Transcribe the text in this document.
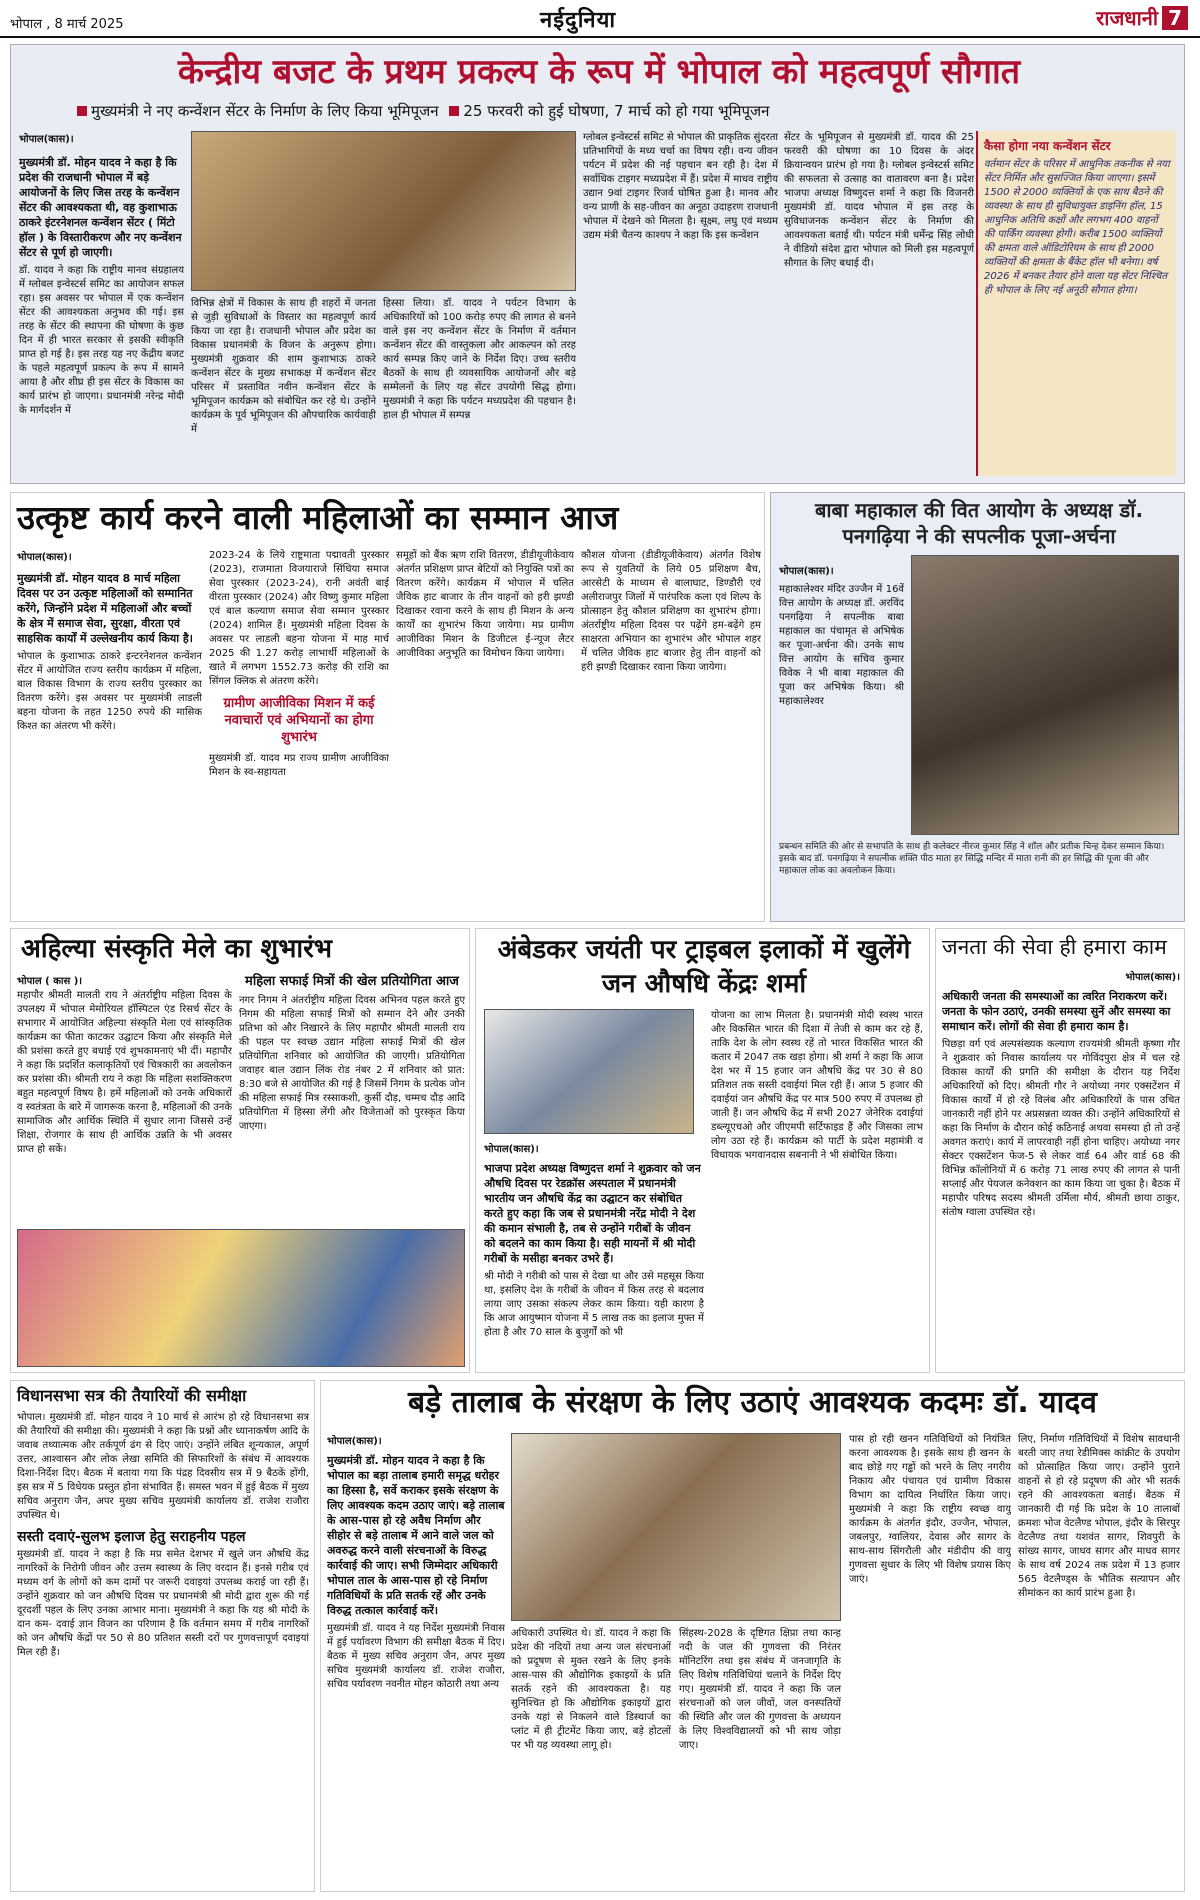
भोपाल , 8 मार्च 2025	नईदुनिया	राजधानी 7
केन्द्रीय बजट के प्रथम प्रकल्प के रूप में भोपाल को महत्वपूर्ण सौगात
मुख्यमंत्री ने नए कन्वेंशन सेंटर के निर्माण के लिए किया भूमिपूजन 25 फरवरी को हुई घोषणा, 7 मार्च को हो गया भूमिपूजन
भोपाल(कास)।
मुख्यमंत्री डॉ. मोहन यादव ने कहा है कि प्रदेश की राजधानी भोपाल में बड़े आयोजनों के लिए जिस तरह के कन्वेंशन सेंटर की आवश्यकता थी, वह कुशाभाऊ ठाकरे इंटरनेशनल कन्वेंशन सेंटर ( मिंटो हॉल ) के विस्तारीकरण और नए कन्वेंशन सेंटर से पूर्ण हो जाएगी।
डॉ. यादव ने कहा कि राष्ट्रीय मानव संग्रहालय में ग्लोबल इन्वेस्टर्स समिट का आयोजन सफल रहा। इस अवसर पर भोपाल में एक कन्वेंशन सेंटर की आवश्यकता अनुभव की गई। इस तरह के सेंटर की स्थापना की घोषणा के कुछ दिन में ही भारत सरकार से इसकी स्वीकृति प्राप्त हो गई है। इस तरह यह नए केंद्रीय बजट के पहले महत्वपूर्ण प्रकल्प के रूप में सामने आया है और शीघ्र ही इस सेंटर के विकास का कार्य प्रारंभ हो जाएगा। प्रधानमंत्री नरेन्द्र मोदी के मार्गदर्शन में
विभिन्न क्षेत्रों में विकास के साथ ही शहरों में जनता से जुड़ी सुविधाओं के विस्तार का महत्वपूर्ण कार्य किया जा रहा है। राजधानी भोपाल और प्रदेश का विकास प्रधानमंत्री के विजन के अनुरूप होगा। मुख्यमंत्री शुक्रवार की शाम कुशाभाऊ ठाकरे कन्वेंशन सेंटर के मुख्य सभाकक्ष में कन्वेंशन सेंटर परिसर में प्रस्तावित नवीन कन्वेंशन सेंटर के भूमिपूजन कार्यक्रम को संबोधित कर रहे थे। उन्होंने कार्यक्रम के पूर्व भूमिपूजन की औपचारिक कार्यवाही में
हिस्सा लिया। डॉ. यादव ने पर्यटन विभाग के अधिकारियों को 100 करोड़ रुपए की लागत से बनने वाले इस नए कन्वेंशन सेंटर के निर्माण में वर्तमान कन्वेंशन सेंटर की वास्तुकला और आकल्पन को तरह कार्य सम्पन्न किए जाने के निर्देश दिए। उच्च स्तरीय बैठकों के साथ ही व्यवसायिक आयोजनों और बड़े सम्मेलनों के लिए यह सेंटर उपयोगी सिद्ध होगा। मुख्यमंत्री ने कहा कि पर्यटन मध्यप्रदेश की पहचान है। हाल ही भोपाल में सम्पन्न
ग्लोबल इन्वेस्टर्स समिट से भोपाल की प्राकृतिक सुंदरता प्रतिभागियों के मध्य चर्चा का विषय रही। वन्य जीवन पर्यटन में प्रदेश की नई पहचान बन रही है। देश में सर्वाधिक टाइगर मध्यप्रदेश में हैं। प्रदेश में माधव राष्ट्रीय उद्यान 9वां टाइगर रिजर्व घोषित हुआ है। मानव और वन्य प्राणी के सह-जीवन का अनूठा उदाहरण राजधानी भोपाल में देखने को मिलता है। सूक्ष्म, लघु एवं मध्यम उद्यम मंत्री चैतन्य काश्यप ने कहा कि इस कन्वेंशन
सेंटर के भूमिपूजन से मुख्यमंत्री डॉ. यादव की 25 फरवरी की घोषणा का 10 दिवस के अंदर क्रियान्वयन प्रारंभ हो गया है। ग्लोबल इन्वेस्टर्स समिट की सफलता से उत्साह का वातावरण बना है। प्रदेश भाजपा अध्यक्ष विष्णुदत्त शर्मा ने कहा कि विजनरी मुख्यमंत्री डॉ. यादव भोपाल में इस तरह के सुविधाजनक कन्वेंशन सेंटर के निर्माण की आवश्यकता बताई थी। पर्यटन मंत्री धर्मेन्द्र सिंह लोधी ने वीडियो संदेश द्वारा भोपाल को मिली इस महत्वपूर्ण सौगात के लिए बधाई दी।
कैसा होगा नया कन्वेंशन सेंटर

वर्तमान सेंटर के परिसर में आधुनिक तकनीक से नया सेंटर निर्मित और सुसज्जित किया जाएगा। इसमें 1500 से 2000 व्यक्तियों के एक साथ बैठने की व्यवस्था के साथ ही सुविधायुक्त डाइनिंग हॉल, 15 आधुनिक अतिथि कक्षों और लगभग 400 वाहनों की पार्किंग व्यवस्था होगी। करीब 1500 व्यक्तियों की क्षमता वाले ऑडिटोरियम के साथ ही 2000 व्यक्तियों की क्षमता के बैंकेट हॉल भी बनेगा। वर्ष 2026 में बनकर तैयार होने वाला यह सेंटर निश्चित ही भोपाल के लिए नई अनूठी सौगात होगा।

उत्कृष्ट कार्य करने वाली महिलाओं का सम्मान आज
भोपाल(कास)।
मुख्यमंत्री डॉ. मोहन यादव 8 मार्च महिला दिवस पर उन उत्कृष्ट महिलाओं को सम्मानित करेंगे, जिन्होंने प्रदेश में महिलाओं और बच्चों के क्षेत्र में समाज सेवा, सुरक्षा, वीरता एवं साहसिक कार्यों में उल्लेखनीय कार्य किया है।
भोपाल के कुशाभाऊ ठाकरे इन्टरनेशनल कन्वेंशन सेंटर में आयोजित राज्य स्तरीय कार्यक्रम में महिला, बाल विकास विभाग के राज्य स्तरीय पुरस्कार का वितरण करेंगे। इस अवसर पर मुख्यमंत्री लाडली बहना योजना के तहत 1250 रुपये की मासिक किश्त का अंतरण भी करेंगे।
2023-24 के लिये राष्ट्रमाता पद्मावती पुरस्कार (2023), राजमाता विजयाराजे सिंधिया समाज सेवा पुरस्कार (2023-24), रानी अवंती बाई वीरता पुरस्कार (2024) और विष्णु कुमार महिला एवं बाल कल्याण समाज सेवा सम्मान पुरस्कार (2024) शामिल हैं। मुख्यमंत्री महिला दिवस के अवसर पर लाडली बहना योजना में माह मार्च 2025 की 1.27 करोड़ लाभार्थी महिलाओं के खाते में लगभग 1552.73 करोड़ की राशि का सिंगल क्लिक से अंतरण करेंगे।
ग्रामीण आजीविका मिशन में कई नवाचारों एवं अभियानों का होगा शुभारंभ
मुख्यमंत्री डॉ. यादव मप्र राज्य ग्रामीण आजीविका मिशन के स्व-सहायता
समूहों को बैंक ऋण राशि वितरण, डीडीयूजीकेवाय अंतर्गत प्रशिक्षण प्राप्त बेटियों को नियुक्ति पत्रों का वितरण करेंगे। कार्यक्रम में भोपाल में चलित जैविक हाट बाजार के तीन वाहनों को हरी झण्डी दिखाकर रवाना करने के साथ ही मिशन के अन्य कार्यों का शुभारंभ किया जायेगा। मप्र ग्रामीण आजीविका मिशन के डिजीटल ई-न्यूज लैटर आजीविका अनुभूति का विमोचन किया जायेगा।
कौशल योजना (डीडीयूजीकेवाय) अंतर्गत विशेष रूप से युवतियों के लिये 05 प्रशिक्षण बैच, आरसेटी के माध्यम से बालाघाट, डिण्डौरी एवं अलीराजपुर जिलों में पारंपरिक कला एवं शिल्प के प्रोत्साहन हेतु कौशल प्रशिक्षण का शुभारंभ होगा। अंतर्राष्ट्रीय महिला दिवस पर पढ़ेंगे हम-बढ़ेंगे हम साक्षरता अभियान का शुभारंभ और भोपाल शहर में चलित जैविक हाट बाजार हेतु तीन वाहनों को हरी झण्डी दिखाकर रवाना किया जायेगा।
बाबा महाकाल की वित आयोग के अध्यक्ष डॉ. पनगढ़िया ने की सपत्नीक पूजा-अर्चना
भोपाल(कास)।
महाकालेश्वर मंदिर उज्जैन में 16वें वित्त आयोग के अध्यक्ष डॉ. अरविंद पनगढ़िया ने सपत्नीक बाबा महाकाल का पंचामृत से अभिषेक कर पूजा-अर्चना की। उनके साथ वित्त आयोग के सचिव कुमार विवेक ने भी बाबा महाकाल की पूजा कर अभिषेक किया। श्री महाकालेश्वर
प्रबन्धन समिति की ओर से सभापति के साथ ही कलेक्टर नीरज कुमार सिंह ने शॉल और प्रतीक चिन्ह देकर सम्मान किया। इसके बाद डॉ. पनगढ़िया ने सपत्नीक शक्ति पीठ माता हर सिद्धि मन्दिर में माता रानी की हर सिद्धि की पूजा की और महाकाल लोक का अवलोकन किया।
अहिल्या संस्कृति मेले का शुभारंभ
भोपाल ( कास )।
महापौर श्रीमती मालती राय ने अंतर्राष्ट्रीय महिला दिवस के उपलक्ष्य में भोपाल मेमोरियल हॉस्पिटल एंड रिसर्च सेंटर के सभागार में आयोजित अहिल्या संस्कृति मेला एवं सांस्कृतिक कार्यक्रम का फीता काटकर उद्घाटन किया और संस्कृति मेले की प्रशंसा करते हुए बधाई एवं शुभकामनाएं भी दीं। महापौर ने कहा कि प्रदर्शित कलाकृतियों एवं चित्रकारी का अवलोकन कर प्रशंसा की। श्रीमती राय ने कहा कि महिला सशक्तिकरण बहुत महत्वपूर्ण विषय है। हमें महिलाओं को उनके अधिकारों व स्वतंत्रता के बारे में जागरूक करना है, महिलाओं की उनके सामाजिक और आर्थिक स्थिति में सुधार लाना जिससे उन्हें शिक्षा, रोजगार के साथ ही आर्थिक उन्नति के भी अवसर प्राप्त हो सकें।
महिला सफाई मित्रों की खेल प्रतियोगिता आज
नगर निगम ने अंतर्राष्ट्रीय महिला दिवस अभिनव पहल करते हुए निगम की महिला सफाई मित्रों को सम्मान देने और उनकी प्रतिभा को और निखारने के लिए महापौर श्रीमती मालती राय की पहल पर स्वच्छ उद्यान महिला सफाई मित्रों की खेल प्रतियोगिता शनिवार को आयोजित की जाएगी। प्रतियोगिता जवाहर बाल उद्यान लिंक रोड नंबर 2 में शनिवार को प्रात: 8:30 बजे से आयोजित की गई है जिसमें निगम के प्रत्येक जोन की महिला सफाई मित्र रस्साकशी, कुर्सी दौड़, चम्मच दौड़ आदि प्रतियोगिता में हिस्सा लेंगी और विजेताओं को पुरस्कृत किया जाएगा।
अंबेडकर जयंती पर ट्राइबल इलाकों में खुलेंगे जन औषधि केंद्रः शर्मा
भोपाल(कास)।
भाजपा प्रदेश अध्यक्ष विष्णुदत्त शर्मा ने शुक्रवार को जन औषधि दिवस पर रेडक्रॉस अस्पताल में प्रधानमंत्री भारतीय जन औषधि केंद्र का उद्घाटन कर संबोधित करते हुए कहा कि जब से प्रधानमंत्री नरेंद्र मोदी ने देश की कमान संभाली है, तब से उन्होंने गरीबों के जीवन को बदलने का काम किया है। सही मायनों में श्री मोदी गरीबों के मसीहा बनकर उभरे हैं।
श्री मोदी ने गरीबी को पास से देखा था और उसे महसूस किया था, इसलिए देश के गरीबों के जीवन में किस तरह से बदलाव लाया जाए उसका संकल्प लेकर काम किया। यही कारण है कि आज आयुष्मान योजना में 5 लाख तक का इलाज मुफ्त में होता है और 70 साल के बुजुर्गों को भी
योजना का लाभ मिलता है। प्रधानमंत्री मोदी स्वस्थ भारत और विकसित भारत की दिशा में तेजी से काम कर रहे हैं, ताकि देश के लोग स्वस्थ रहें तो भारत विकसित भारत की कतार में 2047 तक खड़ा होगा। श्री शर्मा ने कहा कि आज देश भर में 15 हजार जन औषधि केंद्र पर 30 से 80 प्रतिशत तक सस्ती दवाईयां मिल रही हैं। आज 5 हजार की दवाईयां जन औषधि केंद्र पर मात्र 500 रुपए में उपलब्ध हो जाती हैं। जन औषधि केंद्र में सभी 2027 जेनेरिक दवाईयां डब्ल्यूएचओ और जीएमपी सर्टिफाइड हैं और जिसका लाभ लोग उठा रहे हैं। कार्यक्रम को पार्टी के प्रदेश महामंत्री व विधायक भगवानदास सबनानी ने भी संबोधित किया।
जनता की सेवा ही हमारा काम
भोपाल(कास)।
अधिकारी जनता की समस्याओं का त्वरित निराकरण करें। जनता के फोन उठाएं, उनकी समस्या सुनें और समस्या का समाधान करें। लोगों की सेवा ही हमारा काम है।
पिछड़ा वर्ग एवं अल्पसंख्यक कल्याण राज्यमंत्री श्रीमती कृष्णा गौर ने शुक्रवार को निवास कार्यालय पर गोविंदपुरा क्षेत्र में चल रहे विकास कार्यों की प्रगति की समीक्षा के दौरान यह निर्देश अधिकारियों को दिए। श्रीमती गौर ने अयोध्या नगर एक्सटेंशन में विकास कार्यों में हो रहे विलंब और अधिकारियों के पास उचित जानकारी नहीं होने पर अप्रसन्नता व्यक्त की। उन्होंने अधिकारियों से कहा कि निर्माण के दौरान कोई कठिनाई अथवा समस्या हो तो उन्हें अवगत कराएं। कार्य में लापरवाही नहीं होना चाहिए। अयोध्या नगर सेक्टर एक्सटेंशन फेज-5 से लेकर वार्ड 64 और वार्ड 68 की विभिन्न कॉलोनियों में 6 करोड़ 71 लाख रुपए की लागत से पानी सप्लाई और पेयजल कनेक्शन का काम किया जा चुका है। बैठक में महापौर परिषद सदस्य श्रीमती उर्मिला मौर्य, श्रीमती छाया ठाकुर, संतोष ग्वाला उपस्थित रहे।
विधानसभा सत्र की तैयारियों की समीक्षा
भोपाल। मुख्यमंत्री डॉ. मोहन यादव ने 10 मार्च से आरंभ हो रहे विधानसभा सत्र की तैयारियों की समीक्षा की। मुख्यमंत्री ने कहा कि प्रश्नों और ध्यानाकर्षण आदि के जवाब तथ्यात्मक और तर्कपूर्ण ढंग से दिए जाएं। उन्होंने लंबित शून्यकाल, अपूर्ण उत्तर, आश्वासन और लोक लेखा समिति की सिफारिशों के संबंध में आवश्यक दिशा-निर्देश दिए। बैठक में बताया गया कि पंद्रह दिवसीय सत्र में 9 बैठकें होंगी, इस सत्र में 5 विधेयक प्रस्तुत होना संभावित हैं। समस्त भवन में हुई बैठक में मुख्य सचिव अनुराग जैन, अपर मुख्य सचिव मुख्यमंत्री कार्यालय डॉ. राजेश राजौरा उपस्थित थे।
सस्ती दवाएं-सुलभ इलाज हेतु सराहनीय पहल
मुख्यमंत्री डॉ. यादव ने कहा है कि मप्र समेत देशभर में खुले जन औषधि केंद्र नागरिकों के निरोगी जीवन और उत्तम स्वास्थ्य के लिए वरदान हैं। इनसे गरीब एवं मध्यम वर्ग के लोगों को कम दामों पर जरूरी दवाइयां उपलब्ध कराई जा रही हैं। उन्होंने शुक्रवार को जन औषधि दिवस पर प्रधानमंत्री श्री मोदी द्वारा शुरू की गई दूरदर्शी पहल के लिए उनका आभार माना। मुख्यमंत्री ने कहा कि यह श्री मोदी के दान कम- दवाई ज्ञान विजन का परिणाम है कि वर्तमान समय में गरीब नागरिकों को जन औषधि केंद्रों पर 50 से 80 प्रतिशत सस्ती दरों पर गुणवत्तापूर्ण दवाइयां मिल रही हैं।
बड़े तालाब के संरक्षण के लिए उठाएं आवश्यक कदमः डॉ. यादव
भोपाल(कास)।
मुख्यमंत्री डॉ. मोहन यादव ने कहा है कि भोपाल का बड़ा तालाब हमारी समृद्ध धरोहर का हिस्सा है, सर्वे कराकर इसके संरक्षण के लिए आवश्यक कदम उठाए जाएं। बड़े तालाब के आस-पास हो रहे अवैध निर्माण और सीहोर से बड़े तालाब में आने वाले जल को अवरुद्ध करने वाली संरचनाओं के विरुद्ध कार्रवाई की जाए। सभी जिम्मेदार अधिकारी भोपाल ताल के आस-पास हो रहे निर्माण गतिविधियों के प्रति सतर्क रहें और उनके विरुद्ध तत्काल कार्रवाई करें।
मुख्यमंत्री डॉ. यादव ने यह निर्देश मुख्यमंत्री निवास में हुई पर्यावरण विभाग की समीक्षा बैठक में दिए। बैठक में मुख्य सचिव अनुराग जैन, अपर मुख्य सचिव मुख्यमंत्री कार्यालय डॉ. राजेश राजौरा, सचिव पर्यावरण नवनीत मोहन कोठारी तथा अन्य
अधिकारी उपस्थित थे। डॉ. यादव ने कहा कि प्रदेश की नदियों तथा अन्य जल संरचनाओं को प्रदूषण से मुक्त रखने के लिए इनके आस-पास की औद्योगिक इकाइयों के प्रति सतर्क रहने की आवश्यकता है। यह सुनिश्चित हो कि औद्योगिक इकाइयों द्वारा उनके यहां से निकलने वाले डिस्चार्ज का प्लांट में ही ट्रीटमेंट किया जाए, बड़े होटलों पर भी यह व्यवस्था लागू हो।
सिंहस्थ-2028 के दृष्टिगत क्षिप्रा तथा कान्ह नदी के जल की गुणवत्ता की निरंतर मॉनिटरिंग तथा इस संबंध में जनजागृति के लिए विशेष गतिविधियां चलाने के निर्देश दिए गए। मुख्यमंत्री डॉ. यादव ने कहा कि जल संरचनाओं को जल जीवों, जल वनस्पतियों की स्थिति और जल की गुणवत्ता के अध्ययन के लिए विश्वविद्यालयों को भी साथ जोड़ा जाए।
पास हो रही खनन गतिविधियों को नियंत्रित करना आवश्यक है। इसके साथ ही खनन के बाद छोड़े गए गड्ढों को भरने के लिए नगरीय निकाय और पंचायत एवं ग्रामीण विकास विभाग का दायित्व निर्धारित किया जाए। मुख्यमंत्री ने कहा कि राष्ट्रीय स्वच्छ वायु कार्यक्रम के अंतर्गत इंदौर, उज्जैन, भोपाल, जबलपुर, ग्वालियर, देवास और सागर के साथ-साथ सिंगरौली और मंडीदीप की वायु गुणवत्ता सुधार के लिए भी विशेष प्रयास किए जाएं।
लिए, निर्माण गतिविधियों में विशेष सावधानी बरती जाए तथा रेडीमिक्स कांक्रीट के उपयोग को प्रोत्साहित किया जाए। उन्होंने पुराने वाहनों से हो रहे प्रदूषण की ओर भी सतर्क रहने की आवश्यकता बताई। बैठक में जानकारी दी गई कि प्रदेश के 10 तालाबों क्रमशः भोज वेटलैण्ड भोपाल, इंदौर के सिरपुर वेटलैण्ड तथा यशवंत सागर, शिवपुरी के सांख्य सागर, जाधव सागर और माधव सागर के साथ वर्ष 2024 तक प्रदेश में 13 हजार 565 वेटलैण्ड्स के भौतिक सत्यापन और सीमांकन का कार्य प्रारंभ हुआ है।
